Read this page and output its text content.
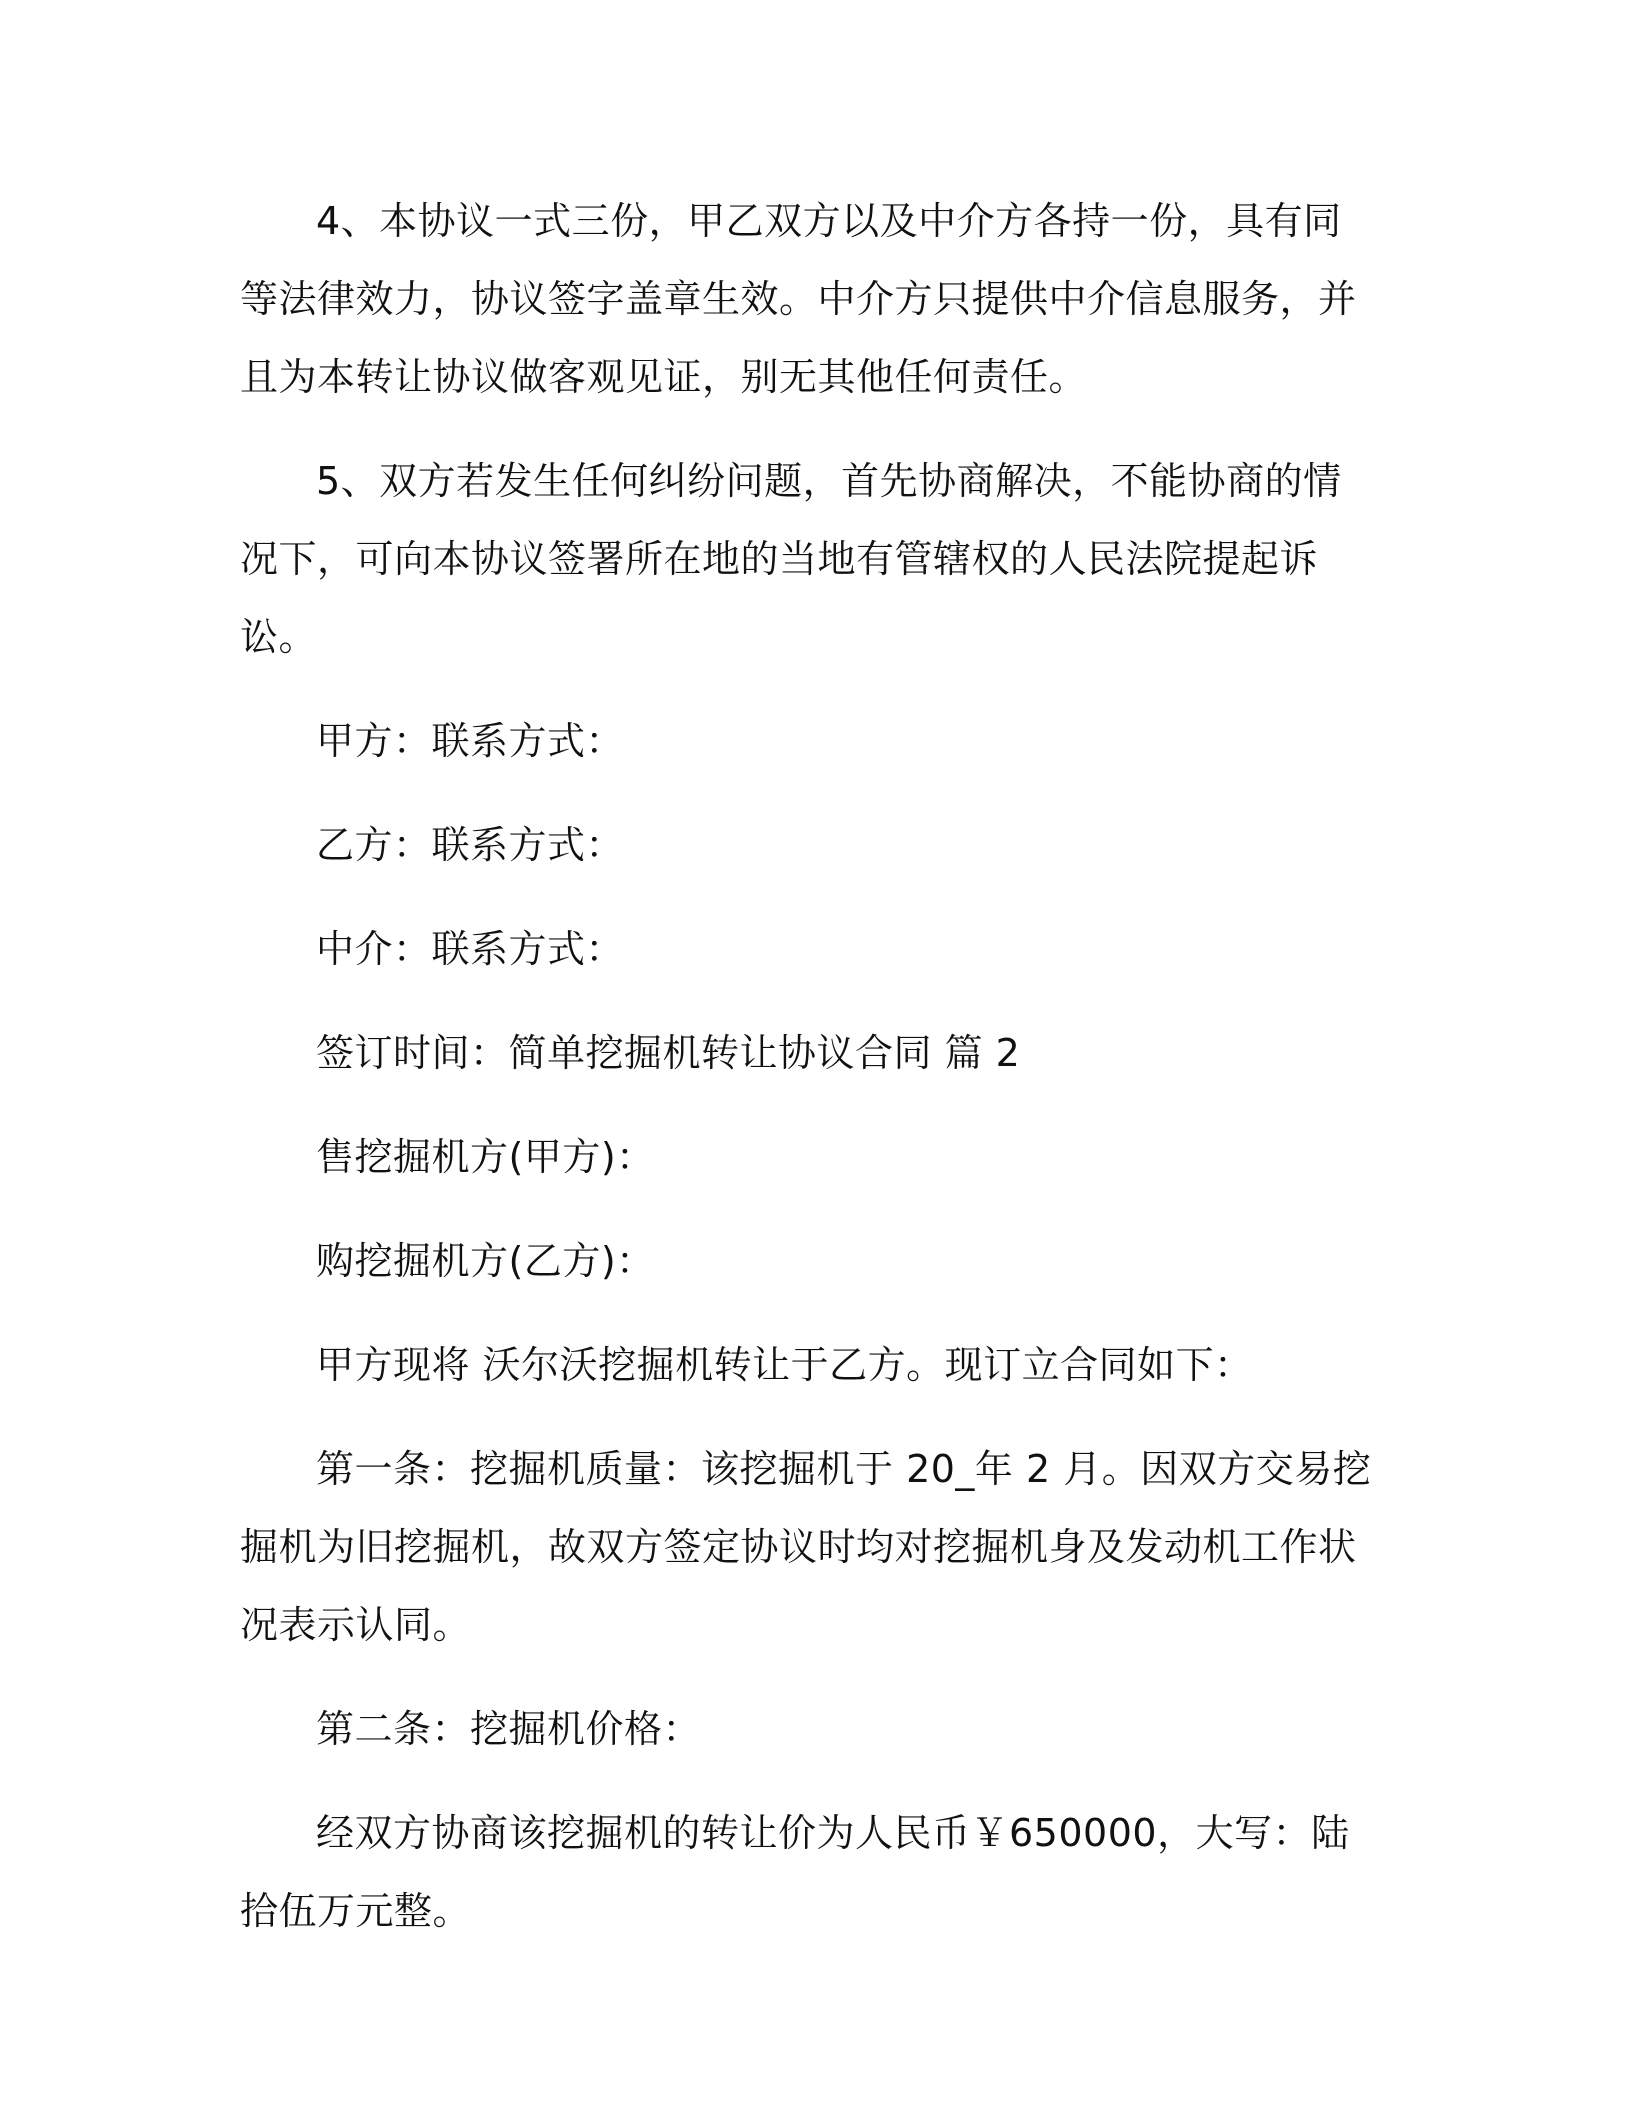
4、本协议一式三份，甲乙双方以及中介方各持一份，具有同等法律效力，协议签字盖章生效。中介方只提供中介信息服务，并且为本转让协议做客观见证，别无其他任何责任。

5、双方若发生任何纠纷问题，首先协商解决，不能协商的情况下，可向本协议签署所在地的当地有管辖权的人民法院提起诉讼。

甲方：联系方式：

乙方：联系方式：

中介：联系方式：

签订时间：简单挖掘机转让协议合同 篇 2

售挖掘机方(甲方)：

购挖掘机方(乙方)：

甲方现将 沃尔沃挖掘机转让于乙方。现订立合同如下：

第一条：挖掘机质量：该挖掘机于 20_年 2 月。因双方交易挖掘机为旧挖掘机，故双方签定协议时均对挖掘机身及发动机工作状况表示认同。

第二条：挖掘机价格：

经双方协商该挖掘机的转让价为人民币￥650000，大写：陆拾伍万元整。
